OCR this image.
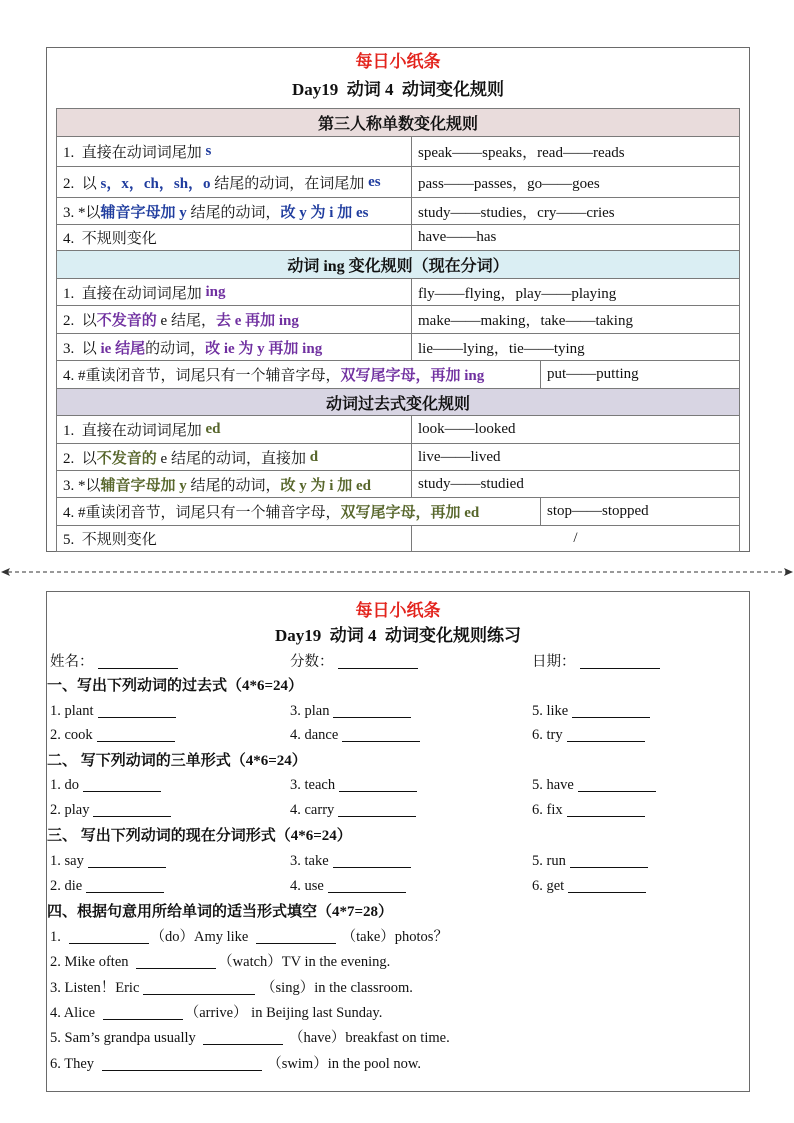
每日小纸条
Day19  动词 4  动词变化规则
第三人称单数变化规则
1.  直接在动词词尾加 s	speak——speaks，read——reads
2.  以 s，x，ch，sh，o 结尾的动词，在词尾加 es	pass——passes，go——goes
3. *以 辅音字母加 y 结尾的动词， 改 y 为 i 加 es	study——studies，cry——cries
4.  不规则变化	have——has
动词 ing 变化规则（现在分词）
1.  直接在动词词尾加 ing	fly——flying，play——playing
2.  以 不发音的 e 结尾， 去 e 再加 ing	make——making，take——taking
3.  以 ie 结尾 的动词， 改 ie 为 y 再加 ing	lie——lying，tie——tying
4. #重读闭音节，词尾只有一个辅音字母， 双写尾字母，再加 ing	put——putting
动词过去式变化规则
1.  直接在动词词尾加 ed	look——looked
2.  以 不发音的 e 结尾的动词，直接加 d	live——lived
3. *以 辅音字母加 y 结尾的动词， 改 y 为 i 加 ed	study——studied
4. #重读闭音节，词尾只有一个辅音字母， 双写尾字母，再加 ed	stop——stopped
5.  不规则变化	/
每日小纸条
Day19  动词 4  动词变化规则练习
姓名：	分数：	日期：
一、写出下列动词的过去式（4*6=24）
1. plant	3. plan	5. like
2. cook	4. dance	6. try
二、 写下列动词的三单形式（4*6=24）
1. do	3. teach	5. have
2. play	4. carry	6. fix
三、 写出下列动词的现在分词形式（4*6=24）
1. say	3. take	5. run
2. die	4. use	6. get
四、根据句意用所给单词的适当形式填空（4*7=28）
1.	（do）Amy like	（take）photos？
2. Mike often	（watch）TV in the evening.
3. Listen！Eric	（sing）in the classroom.
4. Alice	（arrive） in Beijing last Sunday.
5. Sam’s grandpa usually	（have）breakfast on time.
6. They	（swim）in the pool now.
